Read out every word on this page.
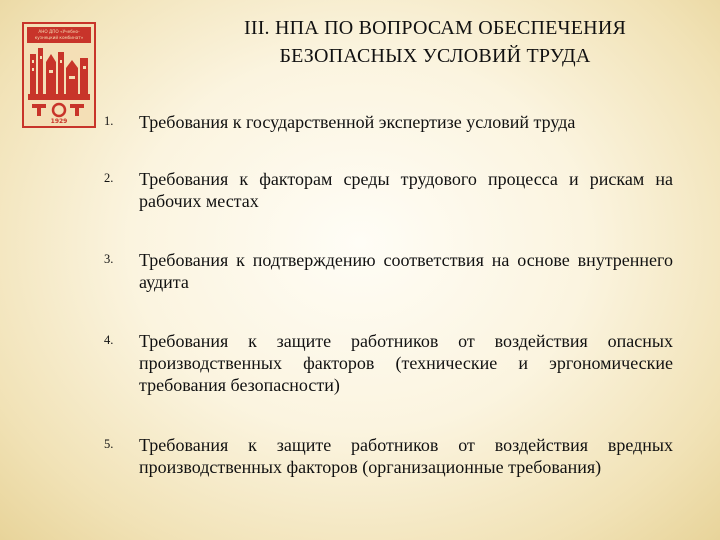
АНО ДПО «Учебно-
кузнецкий комбинат»
1929
III. НПА ПО ВОПРОСАМ ОБЕСПЕЧЕНИЯ
БЕЗОПАСНЫХ УСЛОВИЙ ТРУДА
1. Требования к государственной экспертизе условий труда
2. Требования к факторам среды трудового процесса и рискам на рабочих местах
3. Требования к подтверждению соответствия на основе внутреннего аудита
4. Требования к защите работников от воздействия опасных производственных факторов (технические и эргономические требования безопасности)
5. Требования к защите работников от воздействия вредных производственных факторов (организационные требования)
